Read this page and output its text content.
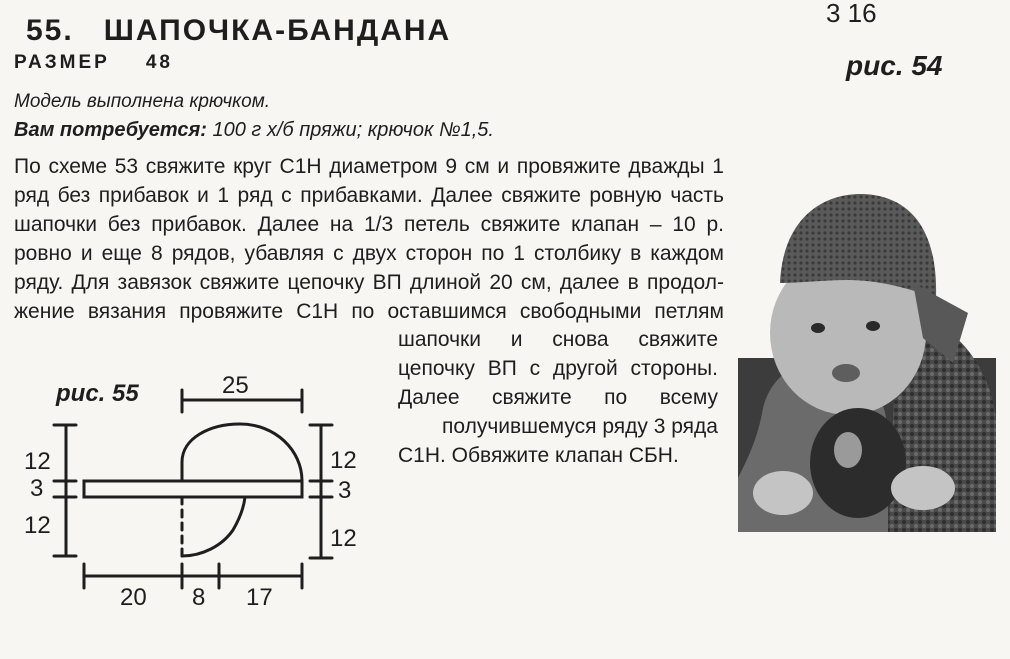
55. ШАПОЧКА-БАНДАНА
РАЗМЕР 48
3 16
рис. 54
Модель выполнена крючком.
Вам потребуется: 100 г х/б пряжи; крючок №1,5.
По схеме 53 свяжите круг С1Н диаметром 9 см и провяжите дважды 1
ряд без прибавок и 1 ряд с прибавками. Далее свяжите ровную часть
шапочки без прибавок. Далее на 1/3 петель свяжите клапан – 10 р.
ровно и еще 8 рядов, убавляя с двух сторон по 1 столбику в каждом
ряду. Для завязок свяжите цепочку ВП длиной 20 см, далее в продол-
жение вязания провяжите С1Н по оставшимся свободными петлям
шапочки и снова свяжите
цепочку ВП с другой стороны.
Далее свяжите по всему
получившемуся ряду 3 ряда
С1Н. Обвяжите клапан СБН.
рис. 55	25
12
3
12
12
3
12
20 8 17
